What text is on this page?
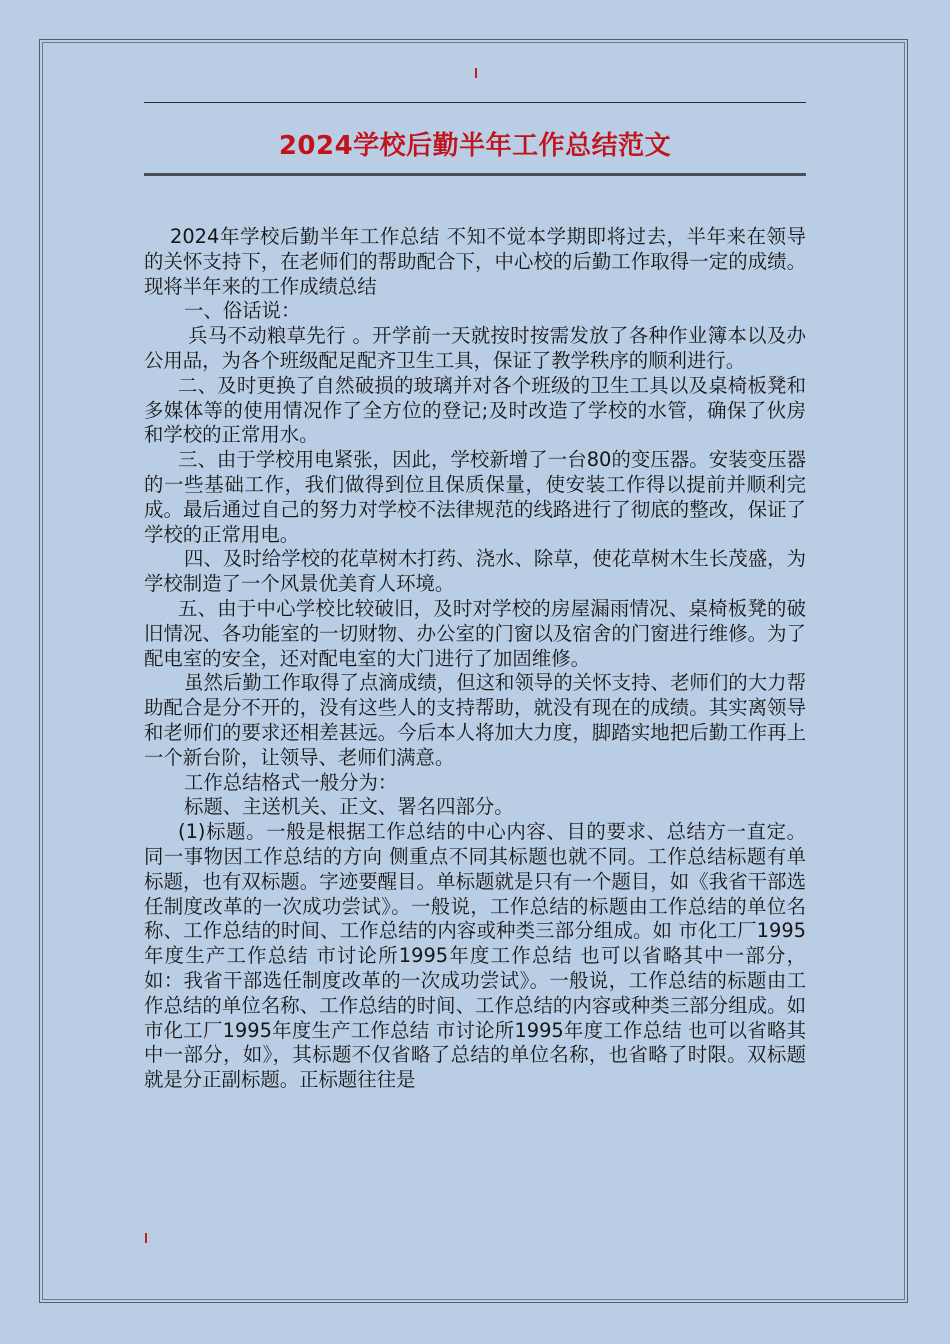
2024学校后勤半年工作总结范文

2024年学校后勤半年工作总结 不知不觉本学期即将过去，半年来在领导的关怀支持下，在老师们的帮助配合下，中心校的后勤工作取得一定的成绩。现将半年来的工作成绩总结

一、俗话说：

兵马不动粮草先行 。开学前一天就按时按需发放了各种作业簿本以及办公用品，为各个班级配足配齐卫生工具，保证了教学秩序的顺利进行。

二、及时更换了自然破损的玻璃并对各个班级的卫生工具以及桌椅板凳和多媒体等的使用情况作了全方位的登记;及时改造了学校的水管，确保了伙房和学校的正常用水。

三、由于学校用电紧张，因此，学校新增了一台80的变压器。安装变压器的一些基础工作，我们做得到位且保质保量，使安装工作得以提前并顺利完成。最后通过自己的努力对学校不法律规范的线路进行了彻底的整改，保证了学校的正常用电。

四、及时给学校的花草树木打药、浇水、除草，使花草树木生长茂盛，为学校制造了一个风景优美育人环境。

五、由于中心学校比较破旧，及时对学校的房屋漏雨情况、桌椅板凳的破旧情况、各功能室的一切财物、办公室的门窗以及宿舍的门窗进行维修。为了配电室的安全，还对配电室的大门进行了加固维修。

虽然后勤工作取得了点滴成绩，但这和领导的关怀支持、老师们的大力帮助配合是分不开的，没有这些人的支持帮助，就没有现在的成绩。其实离领导和老师们的要求还相差甚远。今后本人将加大力度，脚踏实地把后勤工作再上一个新台阶，让领导、老师们满意。

工作总结格式一般分为：

标题、主送机关、正文、署名四部分。

(1)标题。一般是根据工作总结的中心内容、目的要求、总结方一直定。同一事物因工作总结的方向 侧重点不同其标题也就不同。工作总结标题有单标题，也有双标题。字迹要醒目。单标题就是只有一个题目，如《我省干部选任制度改革的一次成功尝试》。一般说，工作总结的标题由工作总结的单位名称、工作总结的时间、工作总结的内容或种类三部分组成。如 市化工厂1995年度生产工作总结 市讨论所1995年度工作总结 也可以省略其中一部分，如：我省干部选任制度改革的一次成功尝试》。一般说，工作总结的标题由工作总结的单位名称、工作总结的时间、工作总结的内容或种类三部分组成。如 市化工厂1995年度生产工作总结 市讨论所1995年度工作总结 也可以省略其中一部分，如》，其标题不仅省略了总结的单位名称，也省略了时限。双标题就是分正副标题。正标题往往是
